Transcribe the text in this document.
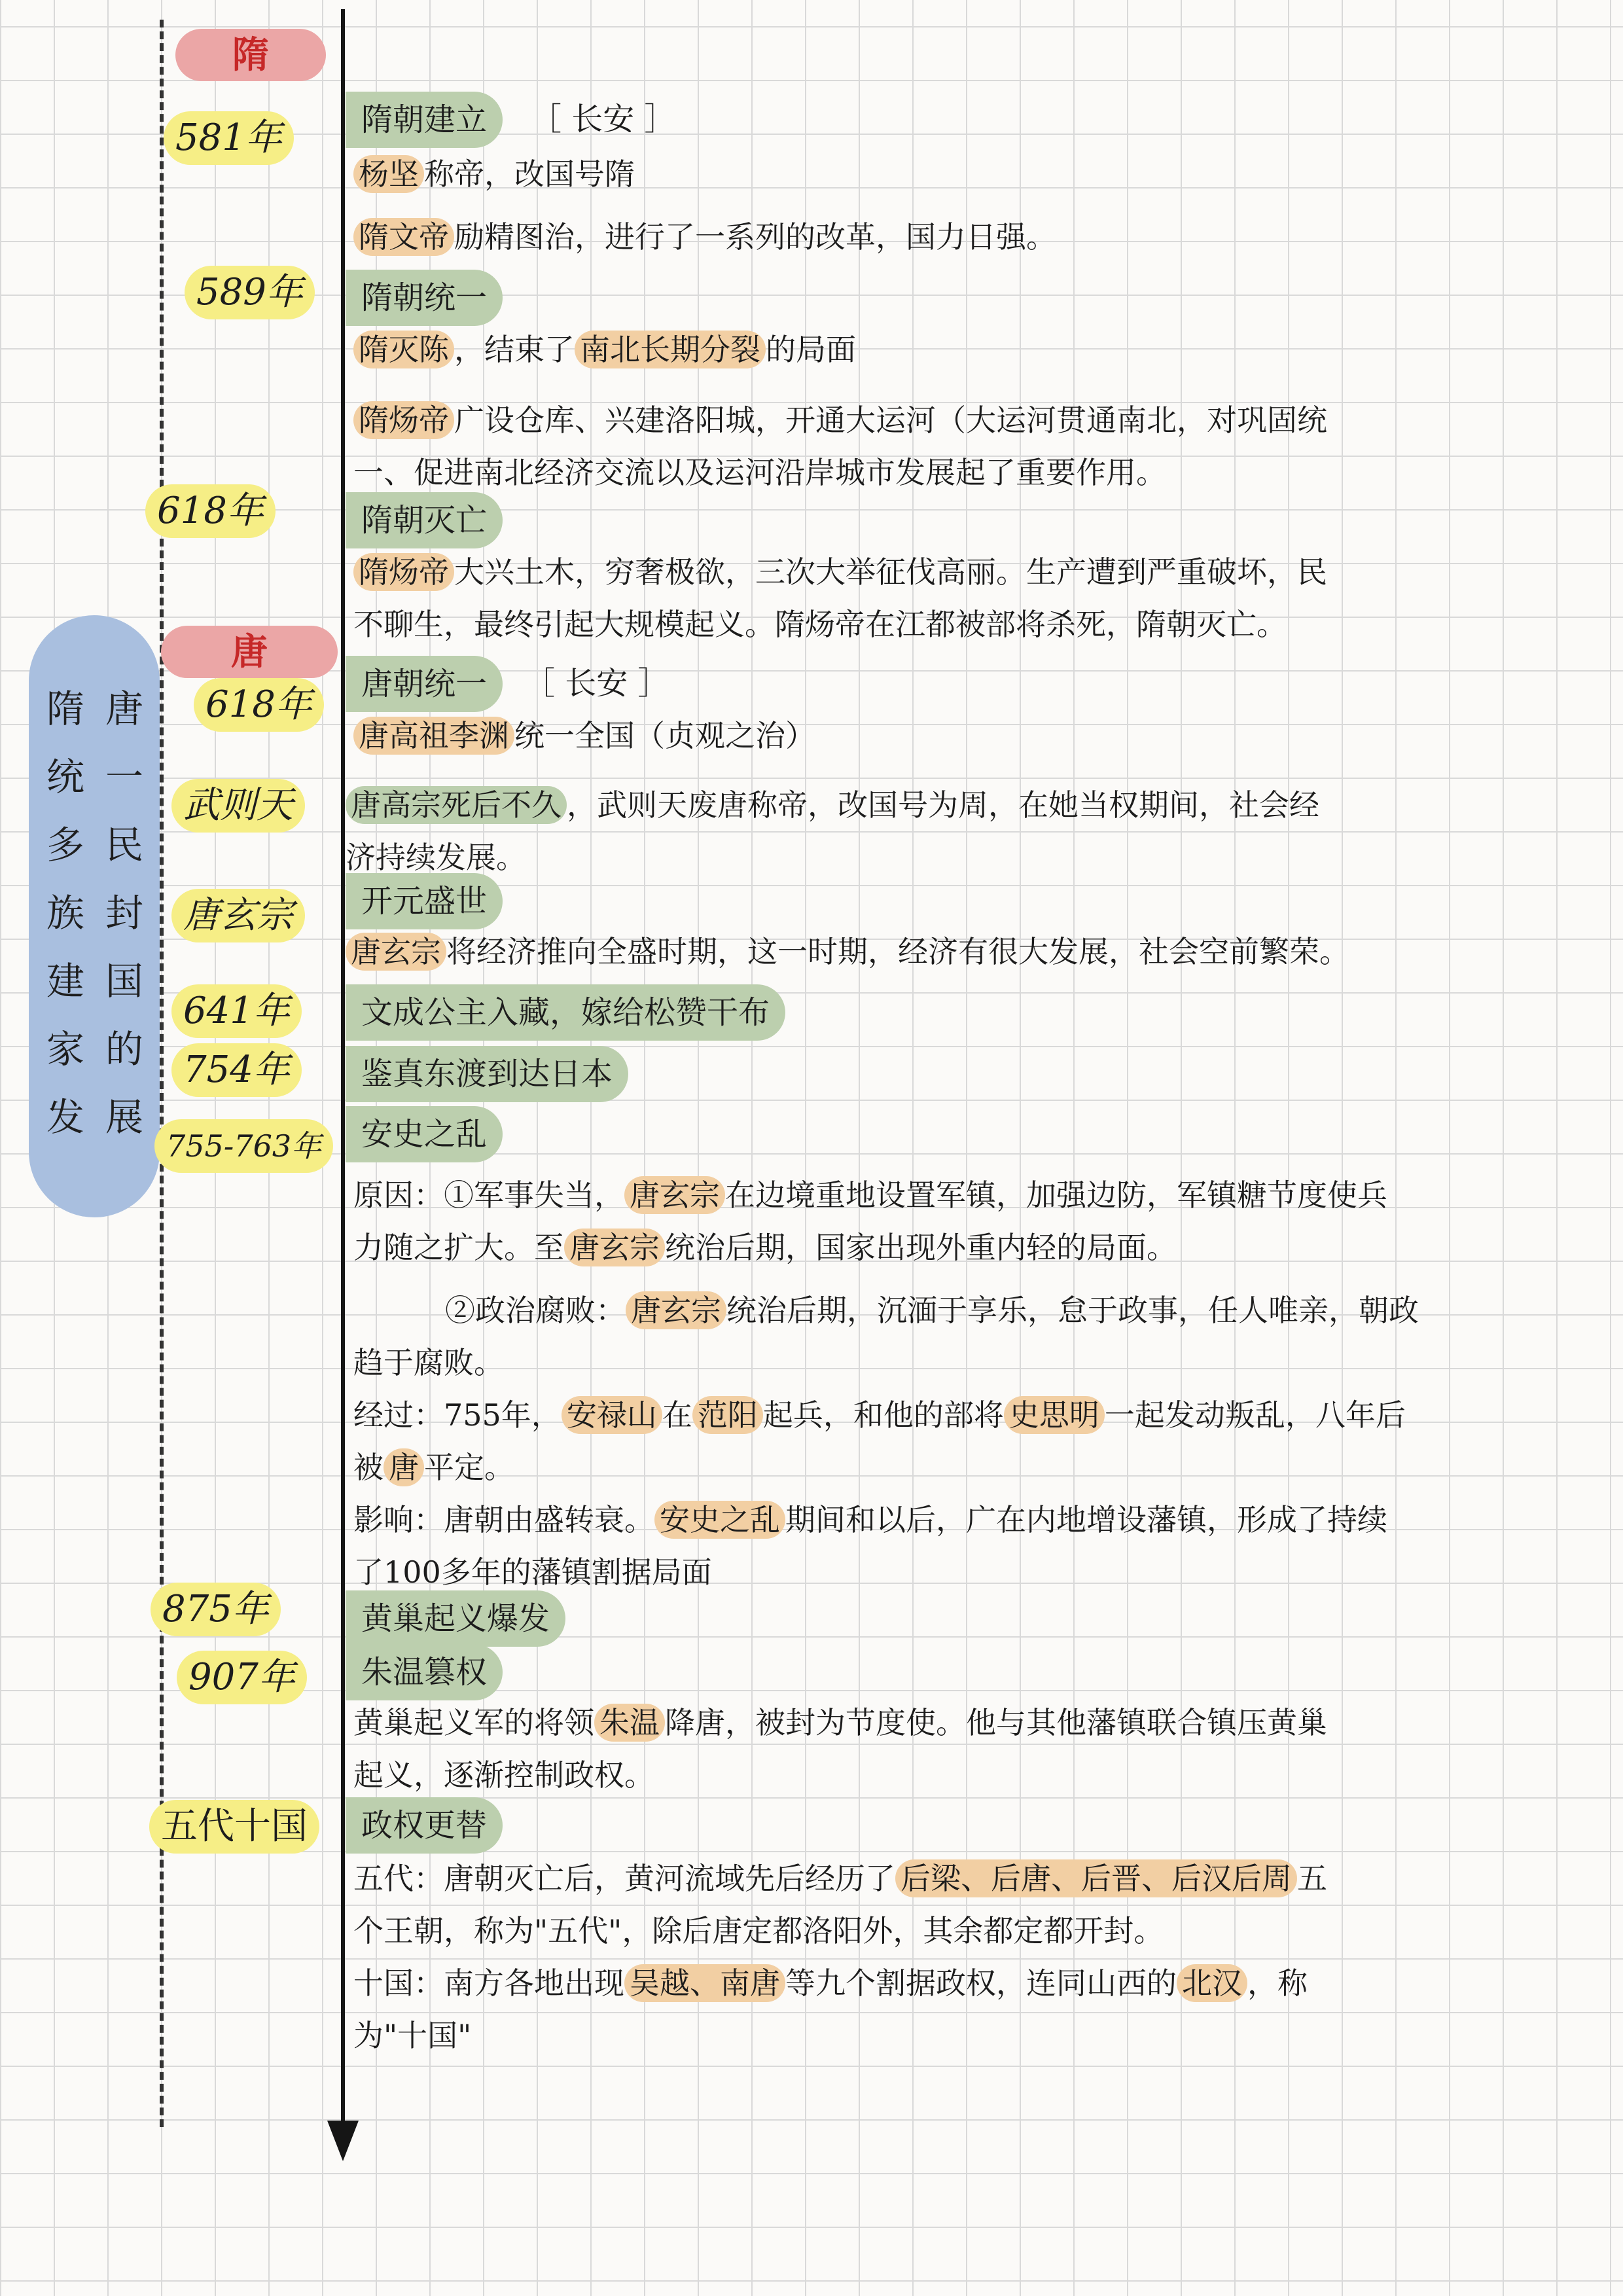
隋 唐
统 一
多 民
族 封
建 国
家 的
发 展
隋
唐
581年
589年
618年
618年
武则天
唐玄宗
641年
754年
755-763年
875年
907年
五代十国
隋朝建立	［ 长安 ］
隋朝统一
隋朝灭亡
唐朝统一	［ 长安 ］
开元盛世
文成公主入藏，嫁给松赞干布
鉴真东渡到达日本
安史之乱
黄巢起义爆发
朱温篡权
政权更替
杨坚 称帝，改国号隋
隋文帝 励精图治，进行了一系列的改革，国力日强。
隋灭陈 ，结束了 南北长期分裂 的局面
隋炀帝 广设仓库、兴建洛阳城，开通大运河（大运河贯通南北，对巩固统
一、促进南北经济交流以及运河沿岸城市发展起了重要作用。
隋炀帝 大兴土木，穷奢极欲，三次大举征伐高丽。生产遭到严重破坏，民
不聊生，最终引起大规模起义。隋炀帝在江都被部将杀死，隋朝灭亡。
唐高祖李渊 统一全国（贞观之治）
唐高宗死后不久 ，武则天废唐称帝，改国号为周，在她当权期间，社会经
济持续发展。
唐玄宗 将经济推向全盛时期，这一时期，经济有很大发展，社会空前繁荣。
原因：①军事失当， 唐玄宗 在边境重地设置军镇，加强边防，军镇糖节度使兵
力随之扩大。至 唐玄宗 统治后期，国家出现外重内轻的局面。
②政治腐败： 唐玄宗 统治后期，沉湎于享乐，怠于政事，任人唯亲，朝政
趋于腐败。
经过：755年， 安禄山 在 范阳 起兵，和他的部将 史思明 一起发动叛乱，八年后
被 唐 平定。
影响：唐朝由盛转衰。 安史之乱 期间和以后，广在内地增设藩镇，形成了持续
了100多年的藩镇割据局面
黄巢起义军的将领 朱温 降唐，被封为节度使。他与其他藩镇联合镇压黄巢
起义，逐渐控制政权。
五代：唐朝灭亡后，黄河流域先后经历了 后梁、后唐、后晋、后汉后周 五
个王朝，称为"五代"，除后唐定都洛阳外，其余都定都开封。
十国：南方各地出现 吴越、南唐 等九个割据政权，连同山西的 北汉 ，称
为"十国"
